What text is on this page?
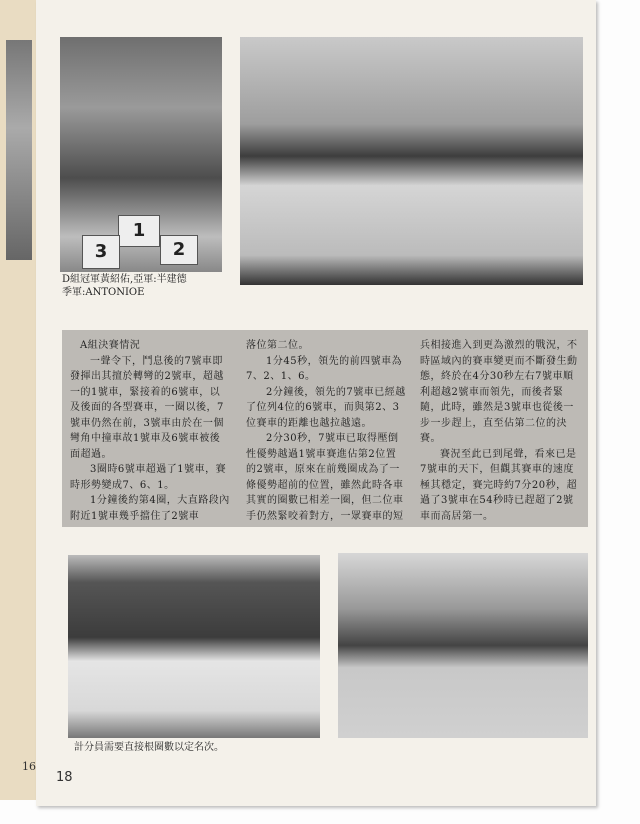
16
1
2
3
D組冠軍黃紹佑,亞軍:半建德
季軍:ANTONIOE

A組決賽情況

一聲令下，鬥息後的7號車即發揮出其擅於轉彎的2號車，超越一的1號車，緊接着的6號車，以及後面的各型賽車，一圈以後，7號車仍然在前，3號車由於在一個彎角中撞車故1號車及6號車被後面超過。

3圈時6號車超過了1號車，賽時形勢變成7、6、1。

1分鐘後約第4圈，大直路段內附近1號車幾乎擋住了2號車

落位第二位。

1分45秒，領先的前四號車為7、2、1、6。

2分鐘後，領先的7號車已經越了位列4位的6號車，而與第2、3位賽車的距離也越拉越遠。

2分30秒，7號車已取得壓倒性優勢越過1號車賽進佔第2位置的2號車，原來在前幾圈成為了一條優勢超前的位置，雖然此時各車其實的圈數已相差一圈，但二位車手仍然緊咬着對方，一眾賽車的短

兵相接進入到更為激烈的戰況，不時區域內的賽車變更而不斷發生動態，終於在4分30秒左右7號車順利超越2號車而領先，而後者緊隨，此時，雖然是3號車也從後一步一步趕上，直至佔第二位的決賽。

賽況至此已到尾聲，看來已是7號車的天下，但觀其賽車的速度極其穩定，賽完時約7分20秒，超過了3號車在54秒時已趕超了2號車而高居第一。

計分員需要直接根圈數以定名次。
18
